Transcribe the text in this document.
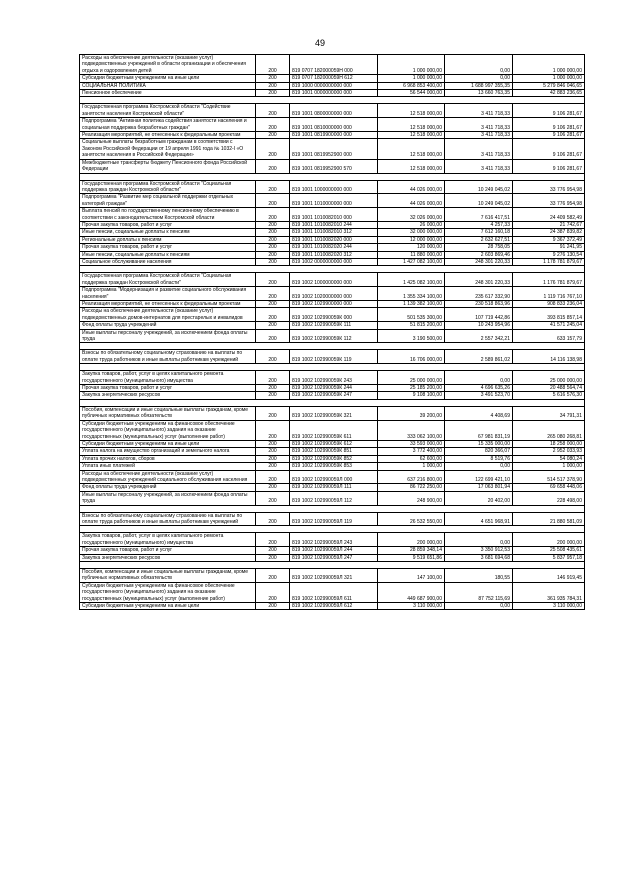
49
Расходы на обеспечение деятельности (оказание услуг) подведомственных учреждений в области организации и обеспечения отдыха и оздоровления детей	200	819 0707 182000059Н 000	1 000 000,00	0,00	1 000 000,00
Субсидии бюджетным учреждениям на иные цели	200	819 0707 182000059Н 612	1 000 000,00	0,00	1 000 000,00
СОЦИАЛЬНАЯ ПОЛИТИКА	200	819 1000 0000000000 000	6 968 853 400,00	1 688 997 355,35	5 279 846 046,65
Пенсионное обеспечение	200	819 1001 0000000000 000	56 544 000,00	13 660 763,35	42 883 236,65

Государственная программа Костромской области "Содействие занятости населения Костромской области"	200	819 1001 0800000000 000	12 518 000,00	3 411 718,33	9 106 281,67
Подпрограмма "Активная политика содействия занятости населения и социальная поддержка безработных граждан"	200	819 1001 0810000000 000	12 518 000,00	3 411 718,33	9 106 281,67
Реализация мероприятий, не отнесенных к федеральным проектам	200	819 1001 0819900000 000	12 518 000,00	3 411 718,33	9 106 281,67
Социальные выплаты безработным гражданам в соответствии с Законом Российской Федерации от 19 апреля 1991 года № 1032-I «О занятости населения в Российской Федерации»	200	819 1001 0819952900 000	12 518 000,00	3 411 718,33	9 106 281,67
Межбюджетные трансферты бюджету Пенсионного фонда Российской Федерации	200	819 1001 0819952900 570	12 518 000,00	3 411 718,33	9 106 281,67

Государственная программа Костромской области "Социальная поддержка граждан Костромской области"	200	819 1001 1000000000 000	44 026 000,00	10 249 045,02	33 776 954,98
Подпрограмма "Развитие мер социальной поддержки отдельных категорий граждан"	200	819 1001 1010000000 000	44 026 000,00	10 249 045,02	33 776 954,98
Выплата пенсий по государственному пенсионному обеспечению в соответствии с законодательством Костромской области	200	819 1001 1010082010 000	32 026 000,00	7 616 417,51	24 409 582,49
Прочая закупка товаров, работ и услуг	200	819 1001 1010082010 244	26 000,00	4 257,33	21 742,67
Иные пенсии, социальные доплаты к пенсиям	200	819 1001 1010082010 312	32 000 000,00	7 612 160,18	24 387 839,82
Региональные доплаты к пенсиям	200	819 1001 1010082020 000	12 000 000,00	2 632 627,51	9 367 372,49
Прочая закупка товаров, работ и услуг	200	819 1001 1010082020 244	120 000,00	28 758,05	91 241,95
Иные пенсии, социальные доплаты к пенсиям	200	819 1001 1010082020 312	11 880 000,00	2 603 869,46	9 276 130,54
Социальное обслуживание населения	200	819 1002 0000000000 000	1 427 082 100,00	248 301 220,33	1 178 781 879,67

Государственная программа Костромской области "Социальная поддержка граждан Костромской области"	200	819 1002 1000000000 000	1 425 082 100,00	248 301 220,33	1 176 781 879,67
Подпрограмма "Модернизация и развитие социального обслуживания населения"	200	819 1002 1020000000 000	1 355 334 100,00	235 617 332,90	1 119 716 767,10
Реализация мероприятий, не отнесенных к федеральным проектам	200	819 1002 1029900000 000	1 139 382 100,00	230 518 863,96	908 833 236,04
Расходы на обеспечение деятельности (оказание услуг) подведомственных домов-интернатов для престарелых и инвалидов	200	819 1002 102990059К 000	501 535 300,00	107 719 442,86	393 815 857,14
Фонд оплаты труда учреждений	200	819 1002 102990059К 111	51 815 200,00	10 243 954,96	41 571 245,04
Иные выплаты персоналу учреждений, за исключением фонда оплаты труда	200	819 1002 102990059К 112	3 190 500,00	2 557 342,21	633 157,79

Взносы по обязательному социальному страхованию на выплаты по оплате труда работников и иные выплаты работникам учреждений	200	819 1002 102990059К 119	16 706 000,00	2 589 861,02	14 116 138,98

Закупка товаров, работ, услуг в целях капитального ремонта государственного (муниципального) имущества	200	819 1002 102990059К 243	25 000 000,00	0,00	25 000 000,00
Прочая закупка товаров, работ и услуг	200	819 1002 102990059К 244	25 185 200,00	4 696 635,26	20 488 564,74
Закупка энергетических ресурсов	200	819 1002 102990059К 247	9 108 100,00	3 491 523,70	5 616 576,30

Пособия, компенсации и иные социальные выплаты гражданам, кроме публичных нормативных обязательств	200	819 1002 102990059К 321	39 200,00	4 408,69	34 791,31
Субсидии бюджетным учреждениям на финансовое обеспечение государственного (муниципального) задания на оказание государственных (муниципальных) услуг (выполнение работ)	200	819 1002 102990059К 611	333 062 100,00	67 981 831,19	265 080 268,81
Субсидии бюджетным учреждениям на иные цели	200	819 1002 102990059К 612	33 593 000,00	15 335 000,00	18 258 000,00
Уплата налога на имущество организаций и земельного налога	200	819 1002 102990059К 851	3 772 400,00	820 366,07	2 952 033,93
Уплата прочих налогов, сборов	200	819 1002 102990059К 852	62 600,00	8 519,76	54 080,24
Уплата иных платежей	200	819 1002 102990059К 853	1 000,00	0,00	1 000,00
Расходы на обеспечение деятельности (оказание услуг) подведомственных учреждений социального обслуживания населения	200	819 1002 102990059Л 000	637 216 800,00	122 699 421,10	514 517 378,90
Фонд оплаты труда учреждений	200	819 1002 102990059Л 111	86 722 250,00	17 063 801,94	69 658 448,06
Иные выплаты персоналу учреждений, за исключением фонда оплаты труда	200	819 1002 102990059Л 112	248 900,00	20 402,00	228 498,00

Взносы по обязательному социальному страхованию на выплаты по оплате труда работников и иные выплаты работникам учреждений	200	819 1002 102990059Л 119	26 532 550,00	4 651 968,91	21 880 581,09

Закупка товаров, работ, услуг в целях капитального ремонта государственного (муниципального) имущества	200	819 1002 102990059Л 243	200 000,00	0,00	200 000,00
Прочая закупка товаров, работ и услуг	200	819 1002 102990059Л 244	28 859 348,14	3 350 912,53	25 508 435,61
Закупка энергетических ресурсов	200	819 1002 102990059Л 247	9 519 651,86	3 681 694,68	5 837 957,18

Пособия, компенсации и иные социальные выплаты гражданам, кроме публичных нормативных обязательств	200	819 1002 102990059Л 321	147 100,00	180,55	146 919,45
Субсидии бюджетным учреждениям на финансовое обеспечение государственного (муниципального) задания на оказание государственных (муниципальных) услуг (выполнение работ)	200	819 1002 102990059Л 611	449 687 900,00	87 752 115,69	361 935 784,31
Субсидии бюджетным учреждениям на иные цели	200	819 1002 102990059Л 612	3 110 000,00	0,00	3 110 000,00
